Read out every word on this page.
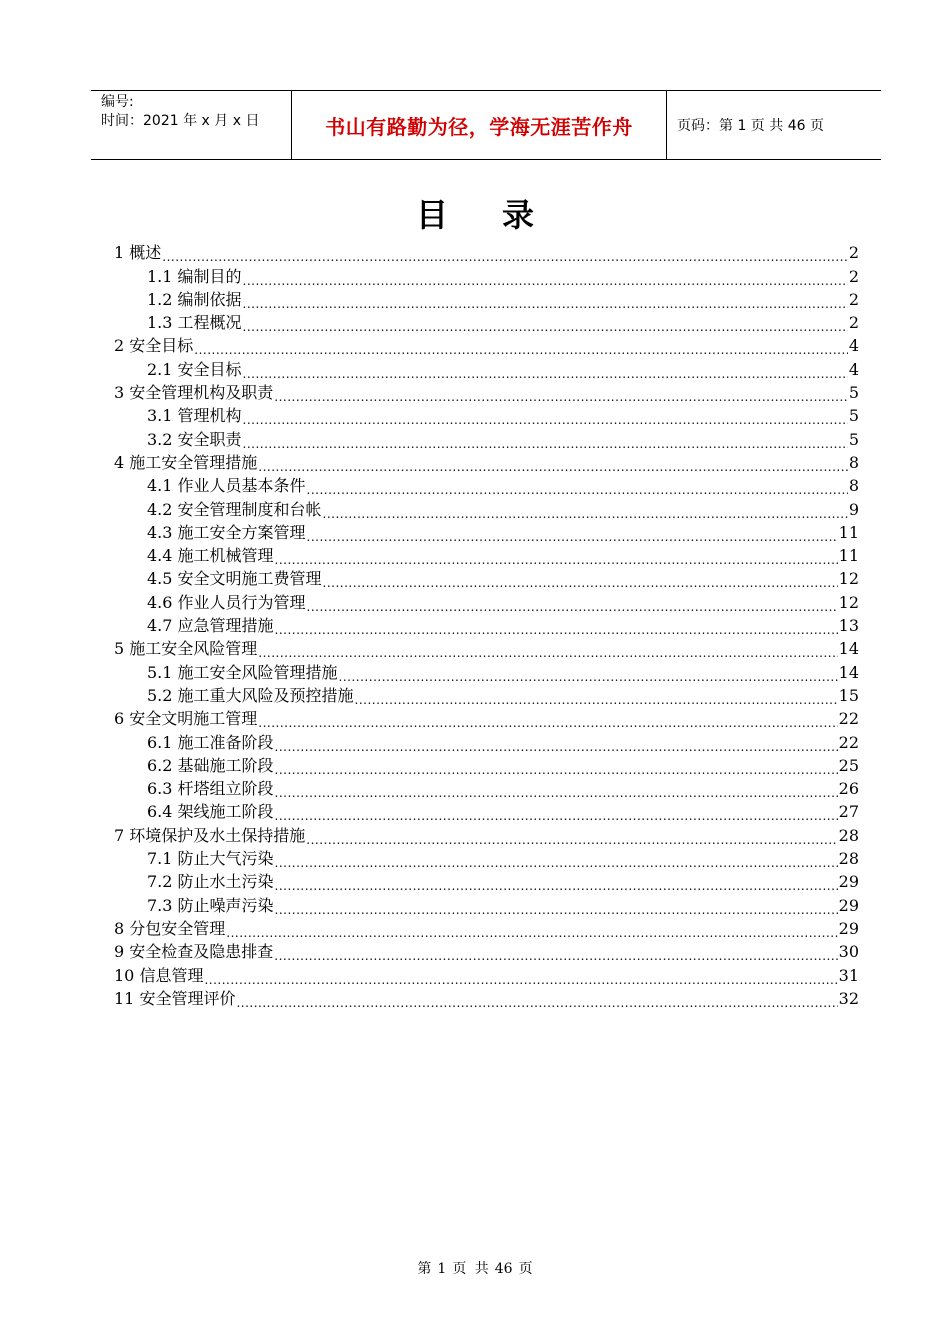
编号:
时间：2021 年 x 月 x 日	书山有路勤为径，学海无涯苦作舟	页码：第 1 页 共 46 页
目录
1 概述 .....	2
1.1 编制目的 .....	2
1.2 编制依据 .....	2
1.3 工程概况 .....	2
2 安全目标 .....	4
2.1 安全目标 .....	4
3 安全管理机构及职责 .....	5
3.1 管理机构 .....	5
3.2 安全职责 .....	5
4 施工安全管理措施 .....	8
4.1 作业人员基本条件 .....	8
4.2 安全管理制度和台帐 .....	9
4.3 施工安全方案管理 .....	11
4.4 施工机械管理 .....	11
4.5 安全文明施工费管理 .....	12
4.6 作业人员行为管理 .....	12
4.7 应急管理措施 .....	13
5 施工安全风险管理 .....	14
5.1 施工安全风险管理措施 .....	14
5.2 施工重大风险及预控措施 .....	15
6 安全文明施工管理 .....	22
6.1 施工准备阶段 .....	22
6.2 基础施工阶段 .....	25
6.3 杆塔组立阶段 .....	26
6.4 架线施工阶段 .....	27
7 环境保护及水土保持措施 .....	28
7.1 防止大气污染 .....	28
7.2 防止水土污染 .....	29
7.3 防止噪声污染 .....	29
8 分包安全管理 .....	29
9 安全检查及隐患排查 .....	30
10 信息管理 .....	31
11 安全管理评价 .....	32
第 1 页 共 46 页
